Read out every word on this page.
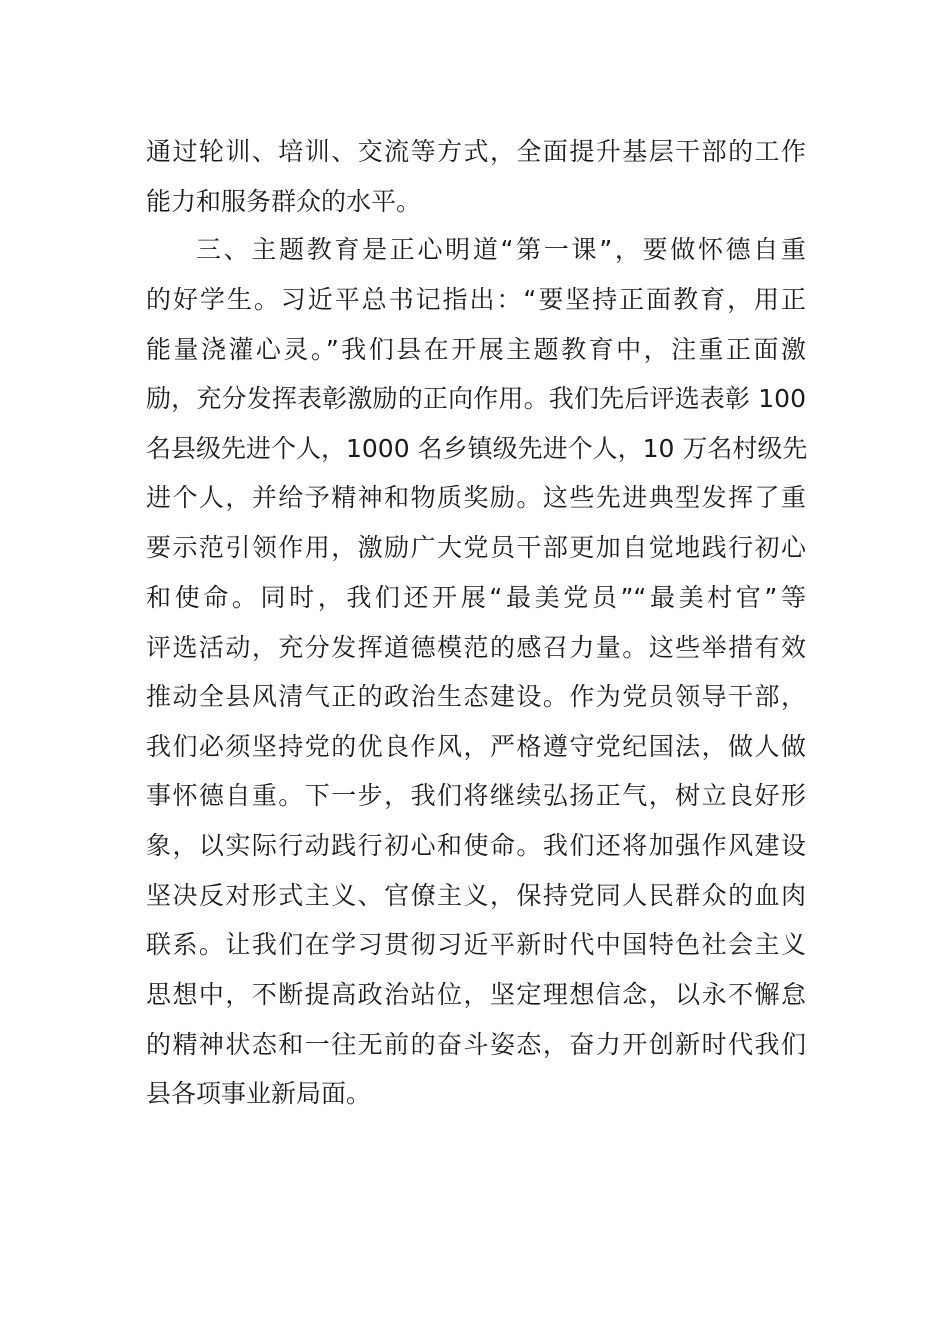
通过轮训、培训、交流等方式，全面提升基层干部的工作
能力和服务群众的水平。
三、主题教育是正心明道“第一课”，要做怀德自重
的好学生。习近平总书记指出：“要坚持正面教育，用正
能量浇灌心灵。”我们县在开展主题教育中，注重正面激
励，充分发挥表彰激励的正向作用。我们先后评选表彰 100
名县级先进个人，1000 名乡镇级先进个人，10 万名村级先
进个人，并给予精神和物质奖励。这些先进典型发挥了重
要示范引领作用，激励广大党员干部更加自觉地践行初心
和使命。同时，我们还开展“最美党员”“最美村官”等
评选活动，充分发挥道德模范的感召力量。这些举措有效
推动全县风清气正的政治生态建设。作为党员领导干部，
我们必须坚持党的优良作风，严格遵守党纪国法，做人做
事怀德自重。下一步，我们将继续弘扬正气，树立良好形
象，以实际行动践行初心和使命。我们还将加强作风建设
坚决反对形式主义、官僚主义，保持党同人民群众的血肉
联系。让我们在学习贯彻习近平新时代中国特色社会主义
思想中，不断提高政治站位，坚定理想信念，以永不懈怠
的精神状态和一往无前的奋斗姿态，奋力开创新时代我们
县各项事业新局面。
